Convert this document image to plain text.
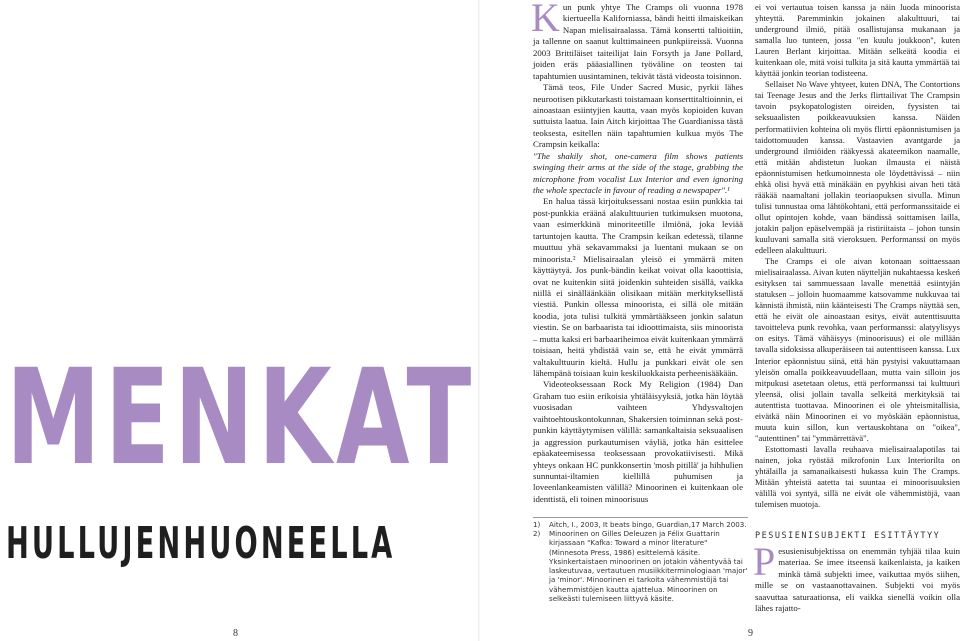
MENKAT
HULLUJENHUONEELLA
8	9

Kun punk yhtye The Cramps oli vuonna 1978 kiertueella Kaliforniassa, bändi heitti ilmaiskeikan Napan mielisairaalassa. Tämä konsertti taltioitiin, ja tallenne on saanut kulttimaineen punkpiireissä. Vuonna 2003 Brittiläiset taiteilijat Iain Forsyth ja Jane Pollard, joiden eräs pääasiallinen työväline on teosten tai tapahtumien uusintaminen, tekivät tästä videosta toisinnon.

Tämä teos, File Under Sacred Music, pyrkii lähes neurootisen pikkutarkasti toistamaan konserttitaltioinnin, ei ainoastaan esiintyjien kautta, vaan myös kopioiden kuvan suttuista laatua. Iain Aitch kirjoittaa The Guardianissa tästä teoksesta, esitellen näin tapahtumien kulkua myös The Crampsin keikalla:

"The shakily shot, one-camera film shows patients swinging their arms at the side of the stage, grabbing the microphone from vocalist Lux Interior and even ignoring the whole spectacle in favour of reading a newspaper".¹

En halua tässä kirjoituksessani nostaa esiin punkkia tai post-punkkia eräänä alakulttuurien tutkimuksen muotona, vaan esimerkkinä minoriteetille ilmiönä, joka leviää tartuntojen kautta. The Crampsin keikan edetessä, tilanne muuttuu yhä sekavammaksi ja luentani mukaan se on minoorista.² Mielisairaalan yleisö ei ymmärrä miten käyttäytyä. Jos punk-bändin keikat voivat olla kaoottisia, ovat ne kuitenkin siitä joidenkin suhteiden sisällä, vaikka niillä ei sinälläänkään olisikaan mitään merkityksellistä viestiä. Punkin ollessa minoorista, ei sillä ole mitään koodia, jota tulisi tulkitä ymmärtääkseen jonkin salatun viestin. Se on barbaarista tai idioottimaista, siis minoorista – mutta kaksi eri barbaariheimoa eivät kuitenkaan ymmärrä toisiaan, heitä yhdistää vain se, että he eivät ymmärrä valtakulttuurin kieltä. Hullu ja punkkari eivät ole sen lähempänä toisiaan kuin keskiluokkaista perheenisääkään.

Videoteoksessaan Rock My Religion (1984) Dan Graham tuo esiin erikoisia yhtäläisyyksiä, jotka hän löytää vuosisadan vaihteen Yhdysvaltojen vaihtoehtouskontokunnan, Shakersien toiminnan sekä post-punkin käyttäytymisen välillä: samankaltaisia seksuaalisen ja aggression purkautumisen väyliä, jotka hän esittelee epäakateemisessa teoksessaan provokatiivisesti. Mikä yhteys onkaan HC punkkonsertin 'mosh pitillä' ja hihhulien sunnuntai-iltamien kiellillä puhumisen ja loveenlankeamisten välillä? Minoorinen ei kuitenkaan ole identtistä, eli toinen minoorisuus

1)	Aitch, I., 2003, It beats bingo, Guardian,17 March 2003.
2)	Minoorinen on Gilles Deleuzen ja Félix Guattarin kirjassaan "Kafka: Toward a minor literature" (Minnesota Press, 1986) esittelemä käsite. Yksinkertaistaen minoorinen on jotakin vähentyvää tai laskeutuvaa, vertautuen musiikkiterminologiaan 'major' ja 'minor'. Minoorinen ei tarkoita vähemmistöjä tai vähemmistöjen kautta ajattelua. Minoorinen on selkeästi tulemiseen liittyvä käsite.

ei voi vertautua toisen kanssa ja näin luoda minoorista yhteyttä. Paremminkin jokainen alakulttuuri, tai underground ilmiö, pitää osallistujansa mukanaan ja samalla luo tunteen, jossa "en kuulu joukkoon", kuten Lauren Berlant kirjoittaa. Mitään selkeätä koodia ei kuitenkaan ole, mitä voisi tulkita ja sitä kautta ymmärtää tai käyttää jonkin teorian todisteena.

Sellaiset No Wave yhtyeet, kuten DNA, The Contortions tai Teenage Jesus and the Jerks flirttailivat The Crampsin tavoin psykopatologisten oireiden, fyysisten tai seksuaalisten poikkeavuuksien kanssa. Näiden performatiivien kohteina oli myös flirtti epäonnistumisen ja taidottomuuden kanssa. Vastaavien avantgarde ja underground ilmiöiden rääkyessä akateemikon naamalle, että mitään ahdistetun luokan ilmausta ei näistä epäonnistumisen hetkumoinnesta ole löydettävissä – niin ehkä olisi hyvä että minäkään en pyyhkisi aivan heti tätä rääkää naamaltani jollakin teoriaopuksen sivulla. Minun tulisi tunnustaa oma lähtökohtani, että performanssitaide ei ollut opintojen kohde, vaan bändissä soittamisen lailla, jotakin paljon epäselvempää ja ristiriitaista – johon tunsin kuuluvani samalla sitä vieroksuen. Performanssi on myös edelleen alakulttuuri.

The Cramps ei ole aivan kotonaan soittaessaan mielisairaalassa. Aivan kuten näytteljän nukahtaessa keskeń esityksen tai sammuessaan lavalle menettää esiintyjän statuksen – jolloin huomaamme katsovamme nukkuvaa tai kännistä ihmistä, niin käänteisesti The Cramps näyttää sen, että he eivät ole ainoastaan esitys, eivät autenttisuutta tavoitteleva punk revohka, vaan performanssi: alatyylisyys on esitys. Tämä vähäisyys (minoorisuus) ei ole millään tavalla sidoksissa alkuperäiseen tai autenttiseen kanssa. Lux Interior epäonnistuu siinä, että hän pystyisi vakuuttamaan yleisön omalla poikkeavuudellaan, mutta vain silloin jos mitpukusi asetetaan oletus, että performanssi tai kulttuuri yleensä, olisi jollain tavalla selkeitä merkityksiä tai autenttista tuottavaa. Minoorinen ei ole yhteismitallisia, eivätkä näin Minoorinen ei vo myöskään epäonnistua, muuta kuin sillon, kun vertauskohtana on "oikea", "autenttinen" tai "ymmärrettävä".

Estottomasti lavalla reuhaava mielisairaalapotilas tai nainen, joka ryöstää mikrofonin Lux Interiorilta on yhtälailla ja samanaikaisesti hukassa kuin The Cramps. Mitään yhteistä aatetta tai suuntaa ei minoorisuuksien välillä voi syntyä, sillä ne eivät ole vähemmistöjä, vaan tulemisen muotoja.

PESUSIENISUBJEKTI ESITTÄYTYY

Pesusienisubjektissa on enemmän tyhjää tilaa kuin materiaa. Se imee itseensä kaikenlaista, ja kaiken minkä tämä subjekti imee, vaikuttaa myös siihen, mille se on vastaanottavainen. Subjekti voi myös saavuttaa saturaationsa, eli vaikka sienellä voikin olla lähes rajatto-
